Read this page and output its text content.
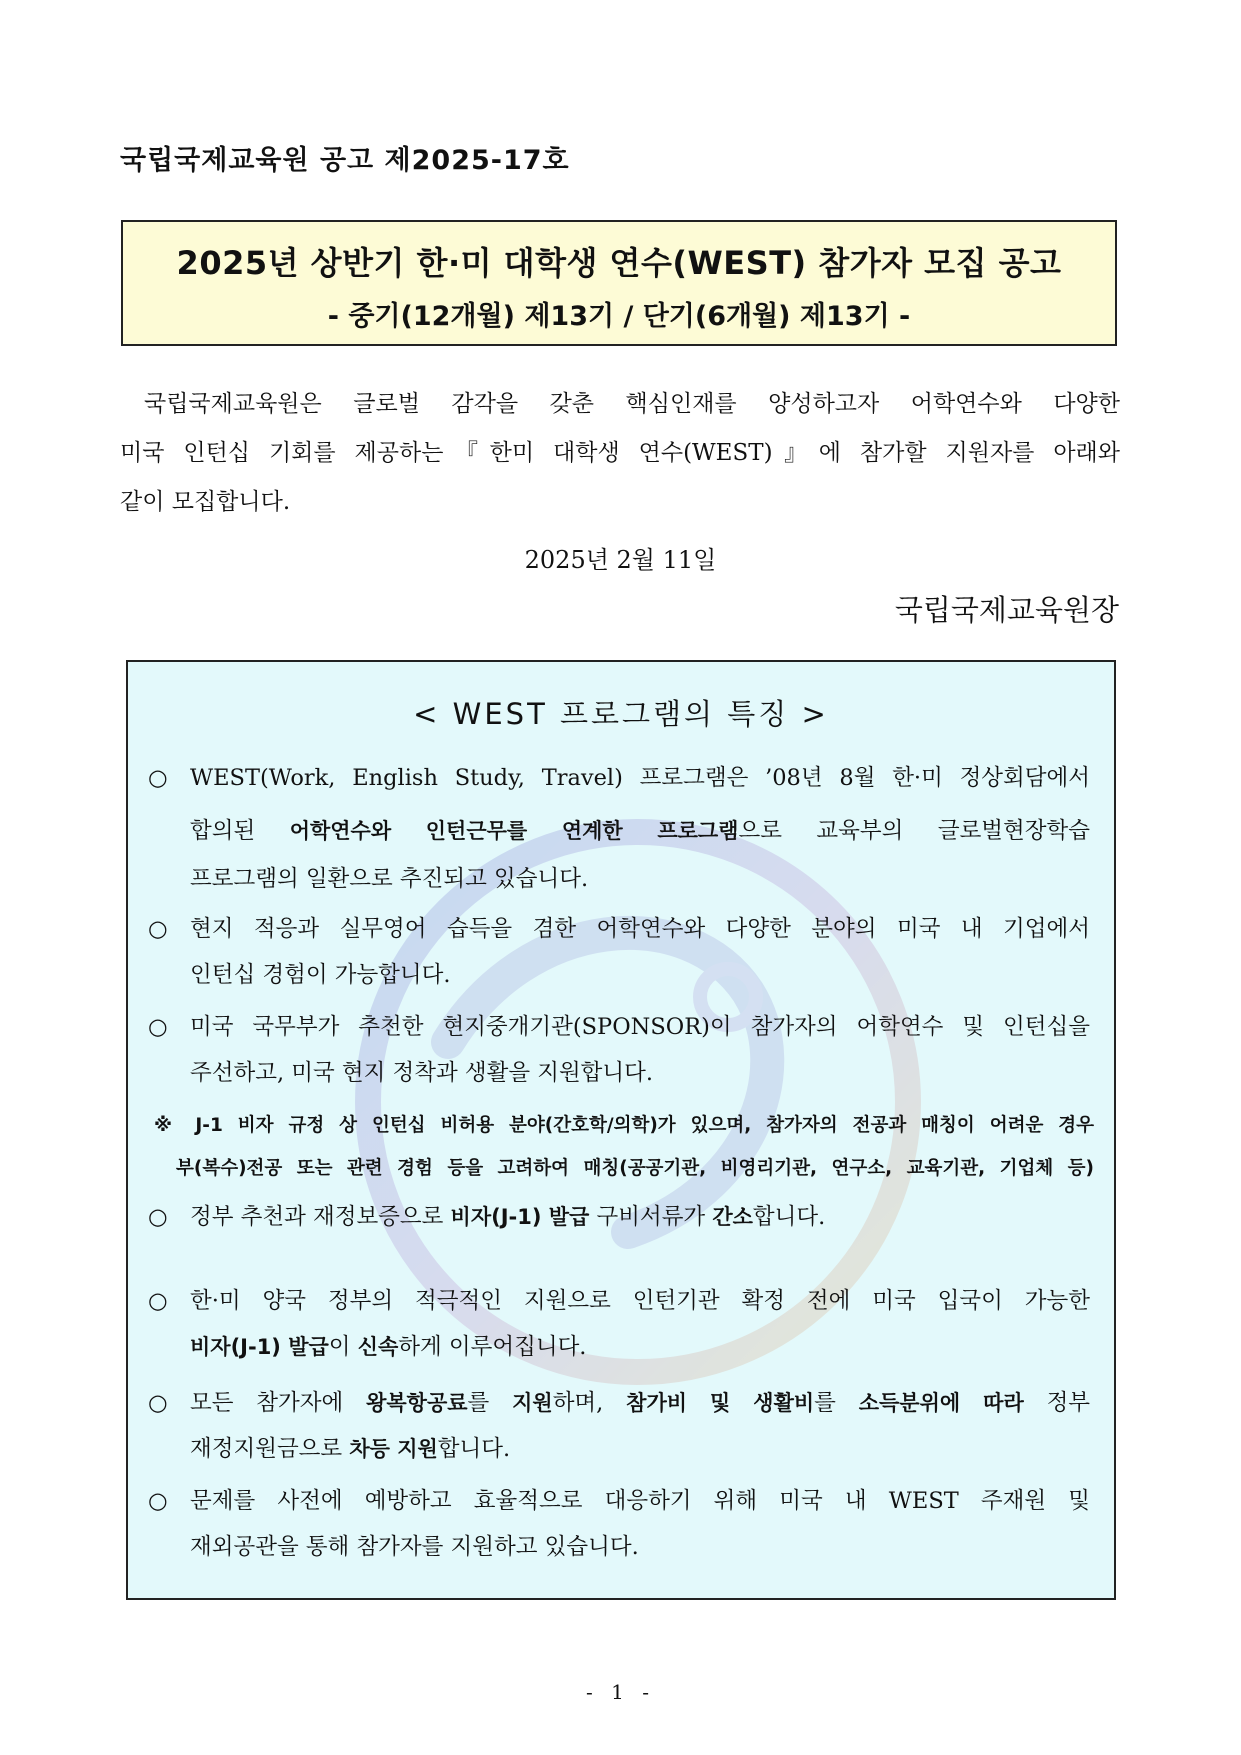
국립국제교육원 공고 제2025-17호
2025년 상반기 한·미 대학생 연수(WEST) 참가자 모집 공고
- 중기(12개월) 제13기 / 단기(6개월) 제13기 -
국립국제교육원은 글로벌 감각을 갖춘 핵심인재를 양성하고자 어학연수와 다양한
미국 인턴십 기회를 제공하는『한미 대학생 연수(WEST)』에 참가할 지원자를 아래와
같이 모집합니다.
2025년 2월 11일
국립국제교육원장
< WEST 프로그램의 특징 >
○ WEST(Work, English Study, Travel) 프로그램은 ’08년 8월 한·미 정상회담에서
합의된 어학연수와 인턴근무를 연계한 프로그램으로 교육부의 글로벌현장학습
프로그램의 일환으로 추진되고 있습니다.
○ 현지 적응과 실무영어 습득을 겸한 어학연수와 다양한 분야의 미국 내 기업에서
인턴십 경험이 가능합니다.
○ 미국 국무부가 추천한 현지중개기관(SPONSOR)이 참가자의 어학연수 및 인턴십을
주선하고, 미국 현지 정착과 생활을 지원합니다.
※ J-1 비자 규정 상 인턴십 비허용 분야(간호학/의학)가 있으며, 참가자의 전공과 매칭이 어려운 경우
부(복수)전공 또는 관련 경험 등을 고려하여 매칭(공공기관, 비영리기관, 연구소, 교육기관, 기업체 등)
○ 정부 추천과 재정보증으로 비자(J-1) 발급 구비서류가 간소합니다.
○ 한·미 양국 정부의 적극적인 지원으로 인턴기관 확정 전에 미국 입국이 가능한
비자(J-1) 발급이 신속하게 이루어집니다.
○ 모든 참가자에 왕복항공료를 지원하며, 참가비 및 생활비를 소득분위에 따라 정부
재정지원금으로 차등 지원합니다.
○ 문제를 사전에 예방하고 효율적으로 대응하기 위해 미국 내 WEST 주재원 및
재외공관을 통해 참가자를 지원하고 있습니다.
- 1 -
